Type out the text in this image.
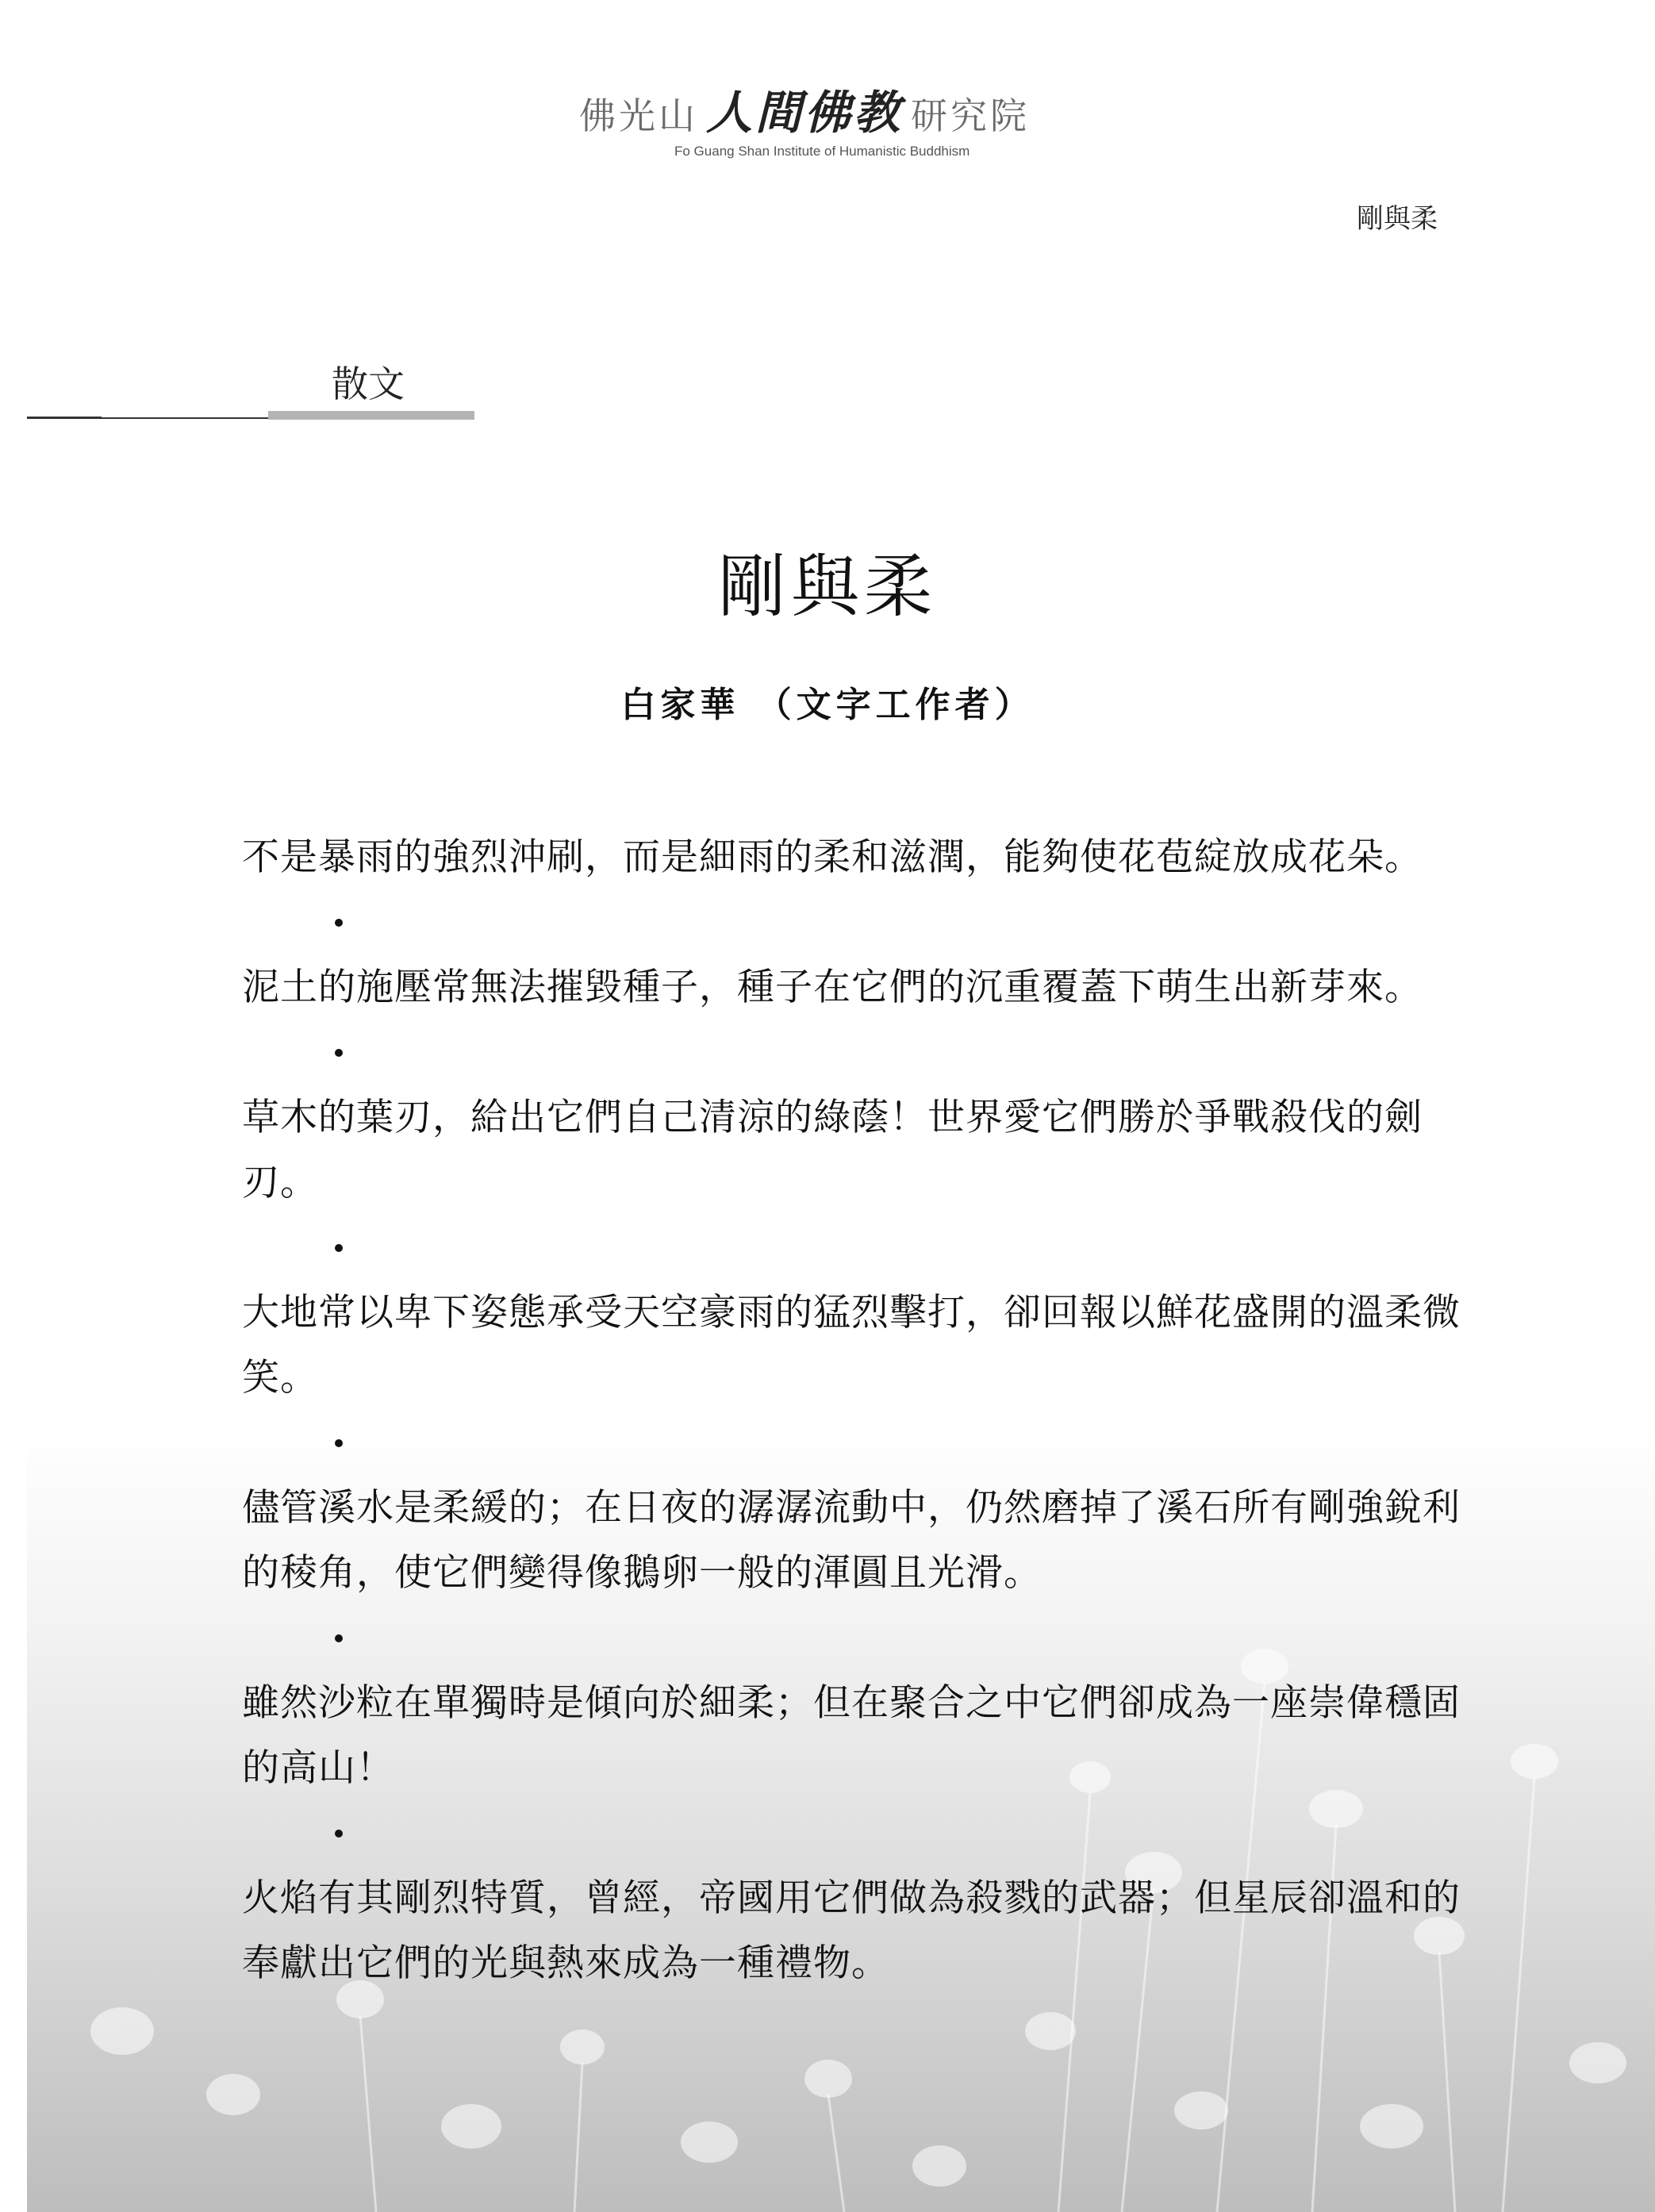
佛光山 人間佛教 研究院
Fo Guang Shan Institute of Humanistic Buddhism
剛與柔
散文
剛與柔
白家華 （文字工作者）

不是暴雨的強烈沖刷，而是細雨的柔和滋潤，能夠使花苞綻放成花朵。

泥土的施壓常無法摧毀種子，種子在它們的沉重覆蓋下萌生出新芽來。

草木的葉刃，給出它們自己清涼的綠蔭！世界愛它們勝於爭戰殺伐的劍刃。

大地常以卑下姿態承受天空豪雨的猛烈擊打，卻回報以鮮花盛開的溫柔微笑。

儘管溪水是柔緩的；在日夜的潺潺流動中，仍然磨掉了溪石所有剛強銳利的稜角，使它們變得像鵝卵一般的渾圓且光滑。

雖然沙粒在單獨時是傾向於細柔；但在聚合之中它們卻成為一座崇偉穩固的高山！

火焰有其剛烈特質，曾經，帝國用它們做為殺戮的武器；但星辰卻溫和的奉獻出它們的光與熱來成為一種禮物。
